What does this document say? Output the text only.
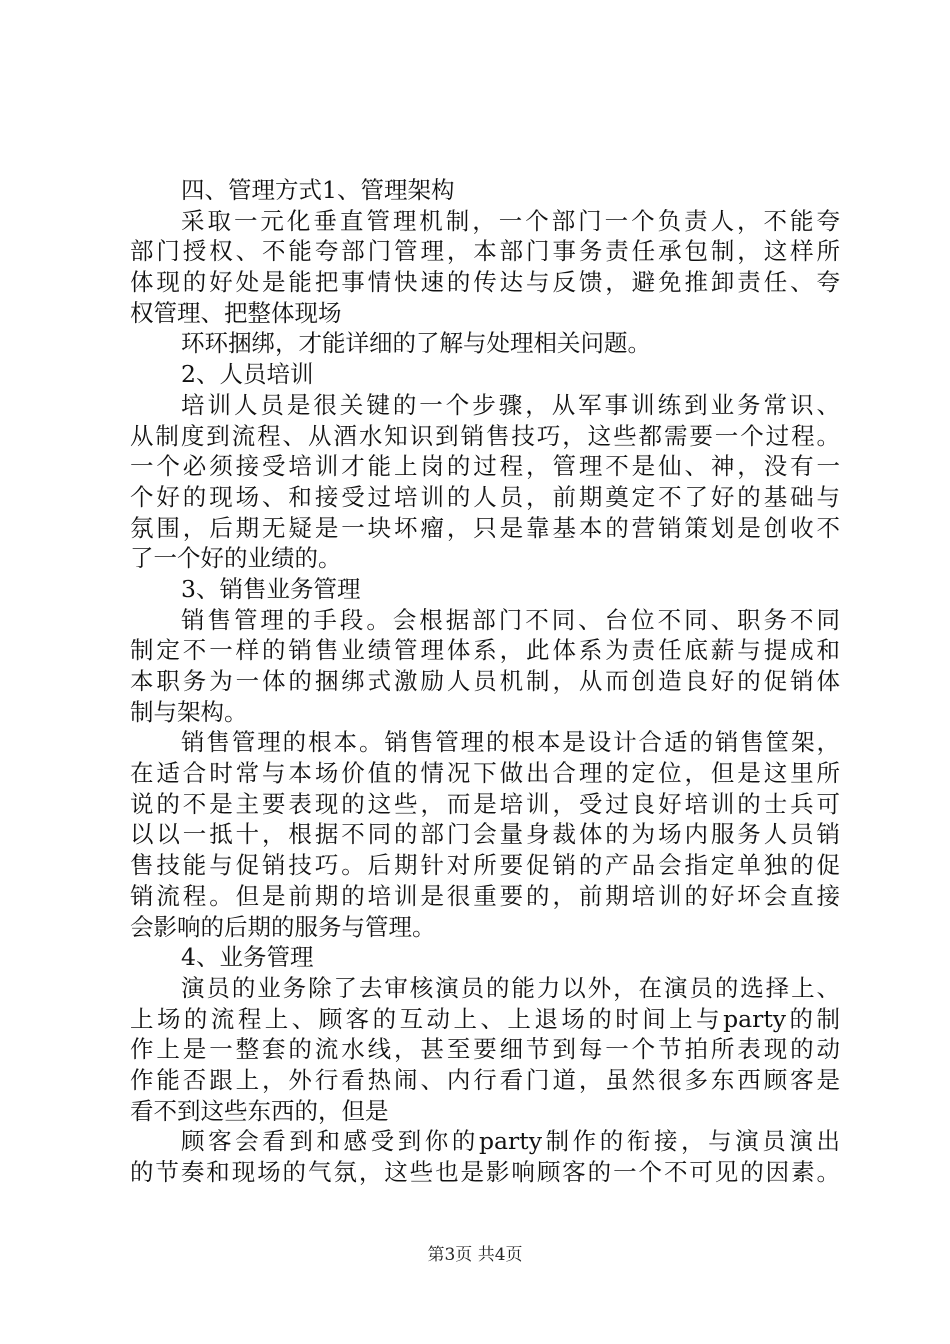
四、管理方式1、管理架构
采取一元化垂直管理机制，一个部门一个负责人，不能夸
部门授权、不能夸部门管理，本部门事务责任承包制，这样所
体现的好处是能把事情快速的传达与反馈，避免推卸责任、夸
权管理、把整体现场
环环捆绑，才能详细的了解与处理相关问题。
2、人员培训
培训人员是很关键的一个步骤，从军事训练到业务常识、
从制度到流程、从酒水知识到销售技巧，这些都需要一个过程。
一个必须接受培训才能上岗的过程，管理不是仙、神，没有一
个好的现场、和接受过培训的人员，前期奠定不了好的基础与
氛围，后期无疑是一块坏瘤，只是靠基本的营销策划是创收不
了一个好的业绩的。
3、销售业务管理
销售管理的手段。会根据部门不同、台位不同、职务不同
制定不一样的销售业绩管理体系，此体系为责任底薪与提成和
本职务为一体的捆绑式激励人员机制，从而创造良好的促销体
制与架构。
销售管理的根本。销售管理的根本是设计合适的销售筐架，
在适合时常与本场价值的情况下做出合理的定位，但是这里所
说的不是主要表现的这些，而是培训，受过良好培训的士兵可
以以一抵十，根据不同的部门会量身裁体的为场内服务人员销
售技能与促销技巧。后期针对所要促销的产品会指定单独的促
销流程。但是前期的培训是很重要的，前期培训的好坏会直接
会影响的后期的服务与管理。
4、业务管理
演员的业务除了去审核演员的能力以外，在演员的选择上、
上场的流程上、顾客的互动上、上退场的时间上与party的制
作上是一整套的流水线，甚至要细节到每一个节拍所表现的动
作能否跟上，外行看热闹、内行看门道，虽然很多东西顾客是
看不到这些东西的，但是
顾客会看到和感受到你的party制作的衔接，与演员演出
的节奏和现场的气氛，这些也是影响顾客的一个不可见的因素。
第3页 共4页
